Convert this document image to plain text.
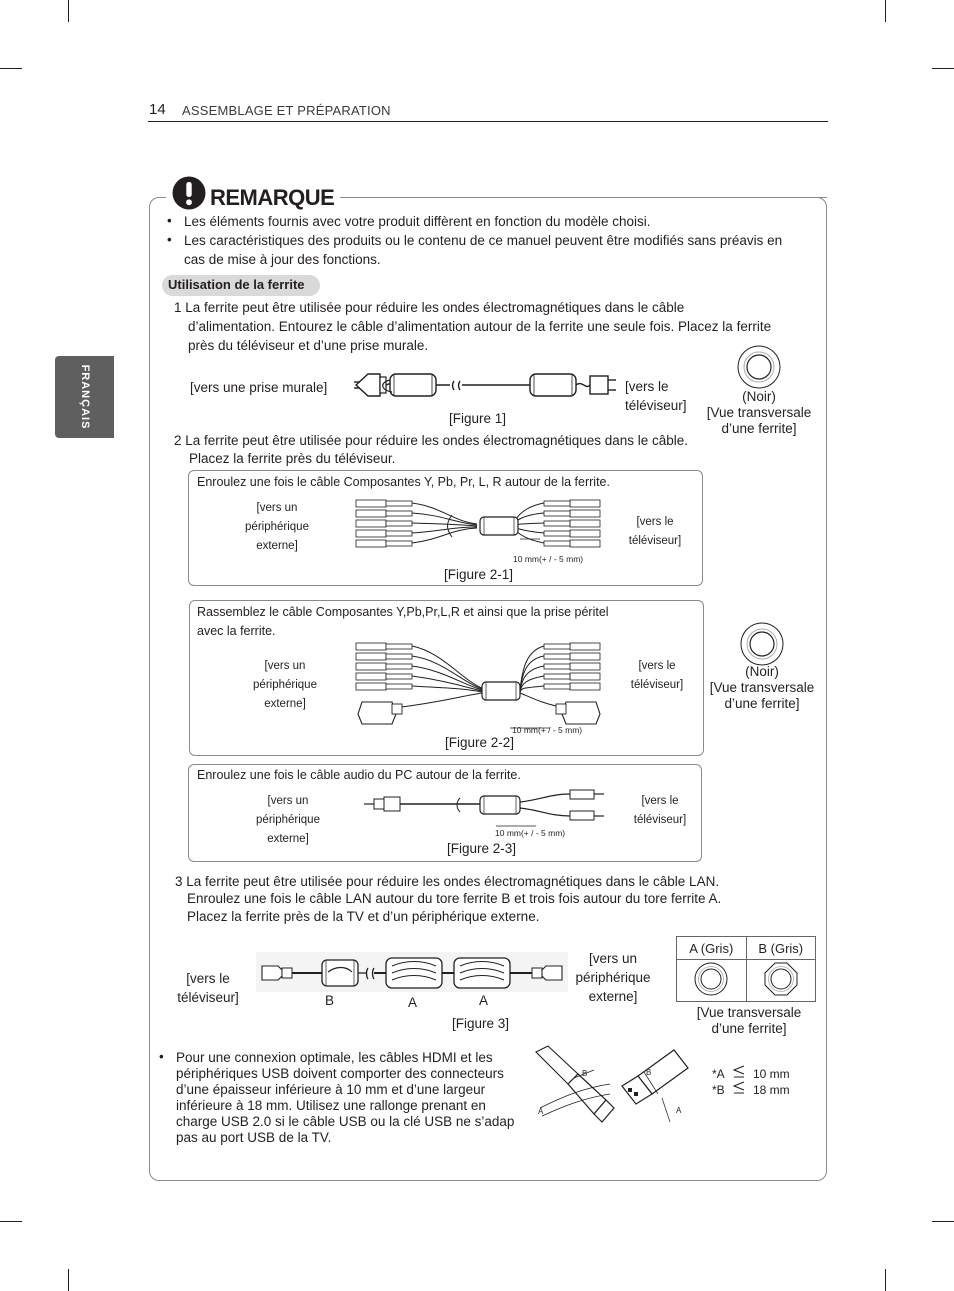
14 ASSEMBLAGE ET PRÉPARATION
FRANÇAIS
REMARQUE
• Les éléments fournis avec votre produit diffèrent en fonction du modèle choisi.
• Les caractéristiques des produits ou le contenu de ce manuel peuvent être modifiés sans préavis en
cas de mise à jour des fonctions.
Utilisation de la ferrite
1 La ferrite peut être utilisée pour réduire les ondes électromagnétiques dans le câble
d’alimentation. Entourez le câble d’alimentation autour de la ferrite une seule fois. Placez la ferrite
près du téléviseur et d’une prise murale.
[vers une prise murale]	[vers le
téléviseur]
[Figure 1]
(Noir)
[Vue transversale
d’une ferrite]
2 La ferrite peut être utilisée pour réduire les ondes électromagnétiques dans le câble.
Placez la ferrite près du téléviseur.
Enroulez une fois le câble Composantes Y, Pb, Pr, L, R autour de la ferrite.
[vers un
périphérique
externe]
10 mm(+ / - 5 mm)
[vers le
téléviseur]
[Figure 2-1]
Rassemblez le câble Composantes Y,Pb,Pr,L,R et ainsi que la prise péritel
avec la ferrite.
[vers un
périphérique
externe]
10 mm(+ / - 5 mm)
[vers le
téléviseur]
[Figure 2-2]
(Noir)
[Vue transversale
d’une ferrite]
Enroulez une fois le câble audio du PC autour de la ferrite.
[vers un
périphérique
externe]	10 mm(+ / - 5 mm)
[vers le
téléviseur]
[Figure 2-3]
3 La ferrite peut être utilisée pour réduire les ondes électromagnétiques dans le câble LAN.
Enroulez une fois le câble LAN autour du tore ferrite B et trois fois autour du tore ferrite A.
Placez la ferrite près de la TV et d’un périphérique externe.
[vers le
téléviseur]	B	A	A
[vers un
périphérique
externe]
[Figure 3]
A (Gris)	B (Gris)

[Vue transversale
d’une ferrite]
• Pour une connexion optimale, les câbles HDMI et les
périphériques USB doivent comporter des connecteurs
d’une épaisseur inférieure à 10 mm et d’une largeur
inférieure à 18 mm. Utilisez une rallonge prenant en
charge USB 2.0 si le câble USB ou la clé USB ne s’adap
pas au port USB de la TV.
B
A
B
A
*A
*B
10 mm
18 mm
